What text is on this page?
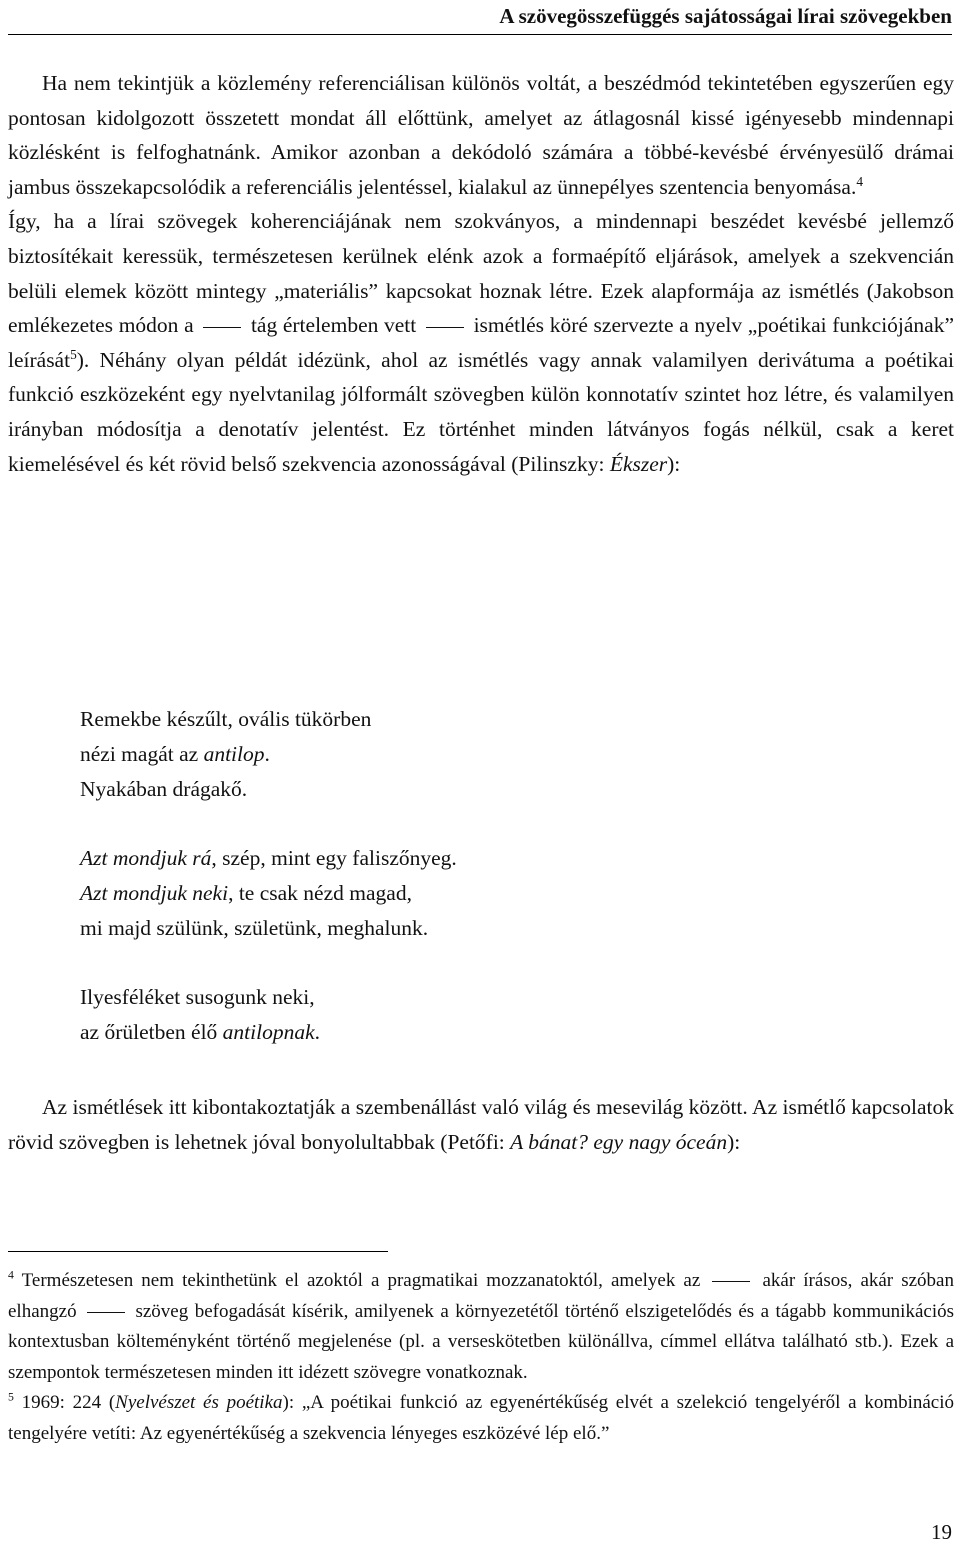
A szövegösszefüggés sajátosságai lírai szövegekben

Ha nem tekintjük a közlemény referenciálisan különös voltát, a beszédmód tekintetében egyszerűen egy pontosan kidolgozott összetett mondat áll előttünk, amelyet az átlagosnál kissé igényesebb mindennapi közlésként is felfoghatnánk. Amikor azonban a dekódoló számára a többé-kevésbé érvényesülő drámai jambus összekapcsolódik a referenciális jelentéssel, kialakul az ünnepélyes szentencia benyomása.$^4$

Így, ha a lírai szövegek koherenciájának nem szokványos, a mindennapi beszédet kevésbé jellemző biztosítékait keressük, természetesen kerülnek elénk azok a formaépítő eljárások, amelyek a szekvencián belüli elemek között mintegy „materiális” kapcsokat hoznak létre. Ezek alapformája az ismétlés (Jakobson emlékezetes módon a	tág értelemben vett	ismétlés köré szervezte a nyelv „poétikai funkciójának” leírását$^5$). Néhány olyan példát idézünk, ahol az ismétlés vagy annak valamilyen derivátuma a poétikai funkció eszközeként egy nyelvtanilag jólformált szövegben külön konnotatív szintet hoz létre, és valamilyen irányban módosítja a denotatív jelentést. Ez történhet minden látványos fogás nélkül, csak a keret kiemelésével és két rövid belső szekvencia azonosságával (Pilinszky: Ékszer):

Remekbe készűlt, ovális tükörben
nézi magát az antilop.
Nyakában drágakő.
Azt mondjuk rá, szép, mint egy faliszőnyeg.
Azt mondjuk neki, te csak nézd magad,
mi majd szülünk, születünk, meghalunk.
Ilyesféléket susogunk neki,
az őrületben élő antilopnak.

Az ismétlések itt kibontakoztatják a szembenállást való világ és mesevilág között. Az ismétlő kapcsolatok rövid szövegben is lehetnek jóval bonyolultabbak (Petőfi: A bánat? egy nagy óceán):

$^4$ Természetesen nem tekinthetünk el azoktól a pragmatikai mozzanatoktól, amelyek az	akár írásos, akár szóban elhangzó	szöveg befogadását kísérik, amilyenek a környezetétől történő elszigetelődés és a tágabb kommunikációs kontextusban költeményként történő megjelenése (pl. a verseskötetben különállva, címmel ellátva található stb.). Ezek a szempontok természetesen minden itt idézett szövegre vonatkoznak.

$^5$ 1969: 224 (Nyelvészet és poétika): „A poétikai funkció az egyenértékűség elvét a szelekció tengelyéről a kombináció tengelyére vetíti: Az egyenértékűség a szekvencia lényeges eszközévé lép elő.”

19
